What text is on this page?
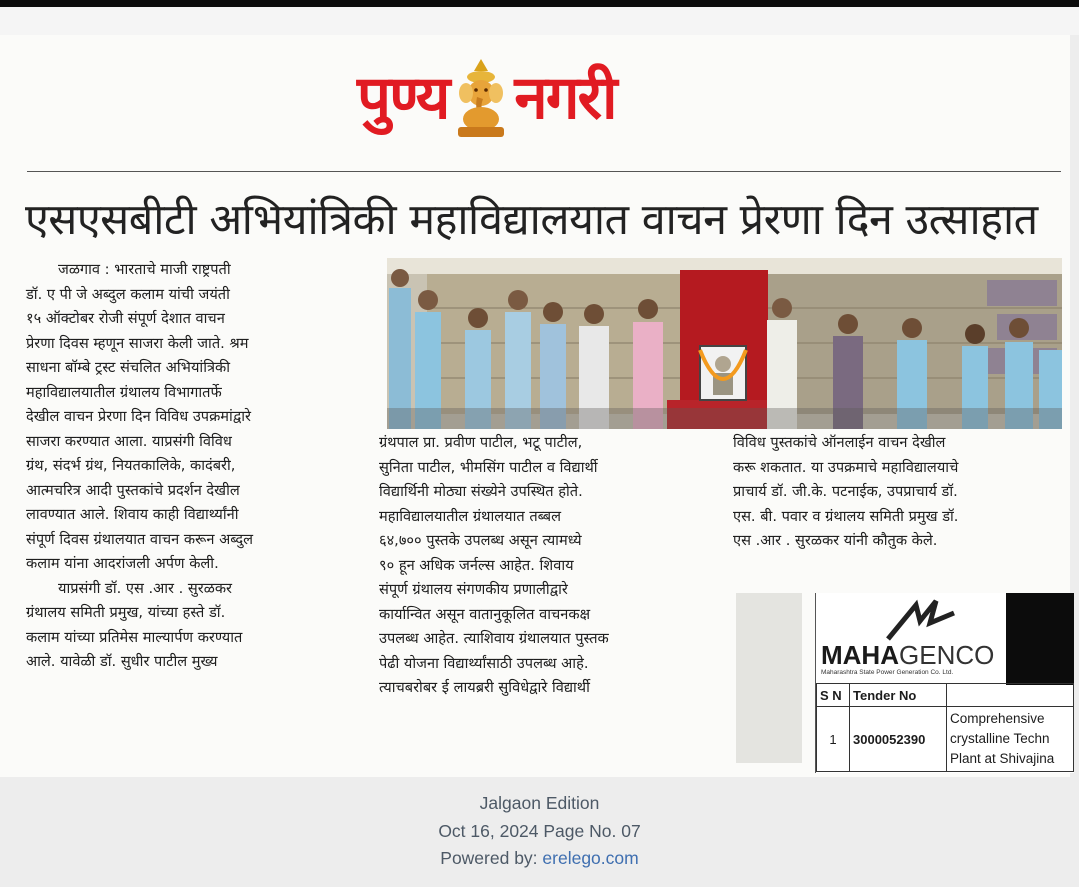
पुण्य नगरी
एसएसबीटी अभियांत्रिकी महाविद्यालयात वाचन प्रेरणा दिन उत्साहात

जळगाव : भारताचे माजी राष्ट्रपती

डॉ. ए पी जे अब्दुल कलाम यांची जयंती

१५ ऑक्टोबर रोजी संपूर्ण देशात वाचन

प्रेरणा दिवस म्हणून साजरा केली जाते. श्रम

साधना बॉम्बे ट्रस्ट संचलित अभियांत्रिकी

महाविद्यालयातील ग्रंथालय विभागातर्फे

देखील वाचन प्रेरणा दिन विविध उपक्रमांद्वारे

साजरा करण्यात आला. याप्रसंगी विविध

ग्रंथ, संदर्भ ग्रंथ, नियतकालिके, कादंबरी,

आत्मचरित्र आदी पुस्तकांचे प्रदर्शन देखील

लावण्यात आले. शिवाय काही विद्यार्थ्यांनी

संपूर्ण दिवस ग्रंथालयात वाचन करून अब्दुल

कलाम यांना आदरांजली अर्पण केली.

याप्रसंगी डॉ. एस .आर . सुरळकर

ग्रंथालय समिती प्रमुख, यांच्या हस्ते डॉ.

कलाम यांच्या प्रतिमेस माल्यार्पण करण्यात

आले. यावेळी डॉ. सुधीर पाटील मुख्य

ग्रंथपाल प्रा. प्रवीण पाटील, भटू पाटील,

सुनिता पाटील, भीमसिंग पाटील व विद्यार्थी

विद्यार्थिनी मोठ्या संख्येने उपस्थित होते.

महाविद्यालयातील ग्रंथालयात तब्बल

६४,७०० पुस्तके उपलब्ध असून त्यामध्ये

९० हून अधिक जर्नल्स आहेत. शिवाय

संपूर्ण ग्रंथालय संगणकीय प्रणालीद्वारे

कार्यान्वित असून वातानुकूलित वाचनकक्ष

उपलब्ध आहेत. त्याशिवाय ग्रंथालयात पुस्तक

पेढी योजना विद्यार्थ्यांसाठी उपलब्ध आहे.

त्याचबरोबर ई लायब्ररी सुविधेद्वारे विद्यार्थी

विविध पुस्तकांचे ऑनलाईन वाचन देखील

करू शकतात. या उपक्रमाचे महाविद्यालयाचे

प्राचार्य डॉ. जी.के. पटनाईक, उपप्राचार्य डॉ.

एस. बी. पवार व ग्रंथालय समिती प्रमुख डॉ.

एस .आर . सुरळकर यांनी कौतुक केले.

MAHAGENCO
Maharashtra State Power Generation Co. Ltd.
S N	Tender No	
1	3000052390	Comprehensive
crystalline Techn
Plant at Shivajina
Jalgaon Edition
Oct 16, 2024 Page No. 07
Powered by: erelego.com
